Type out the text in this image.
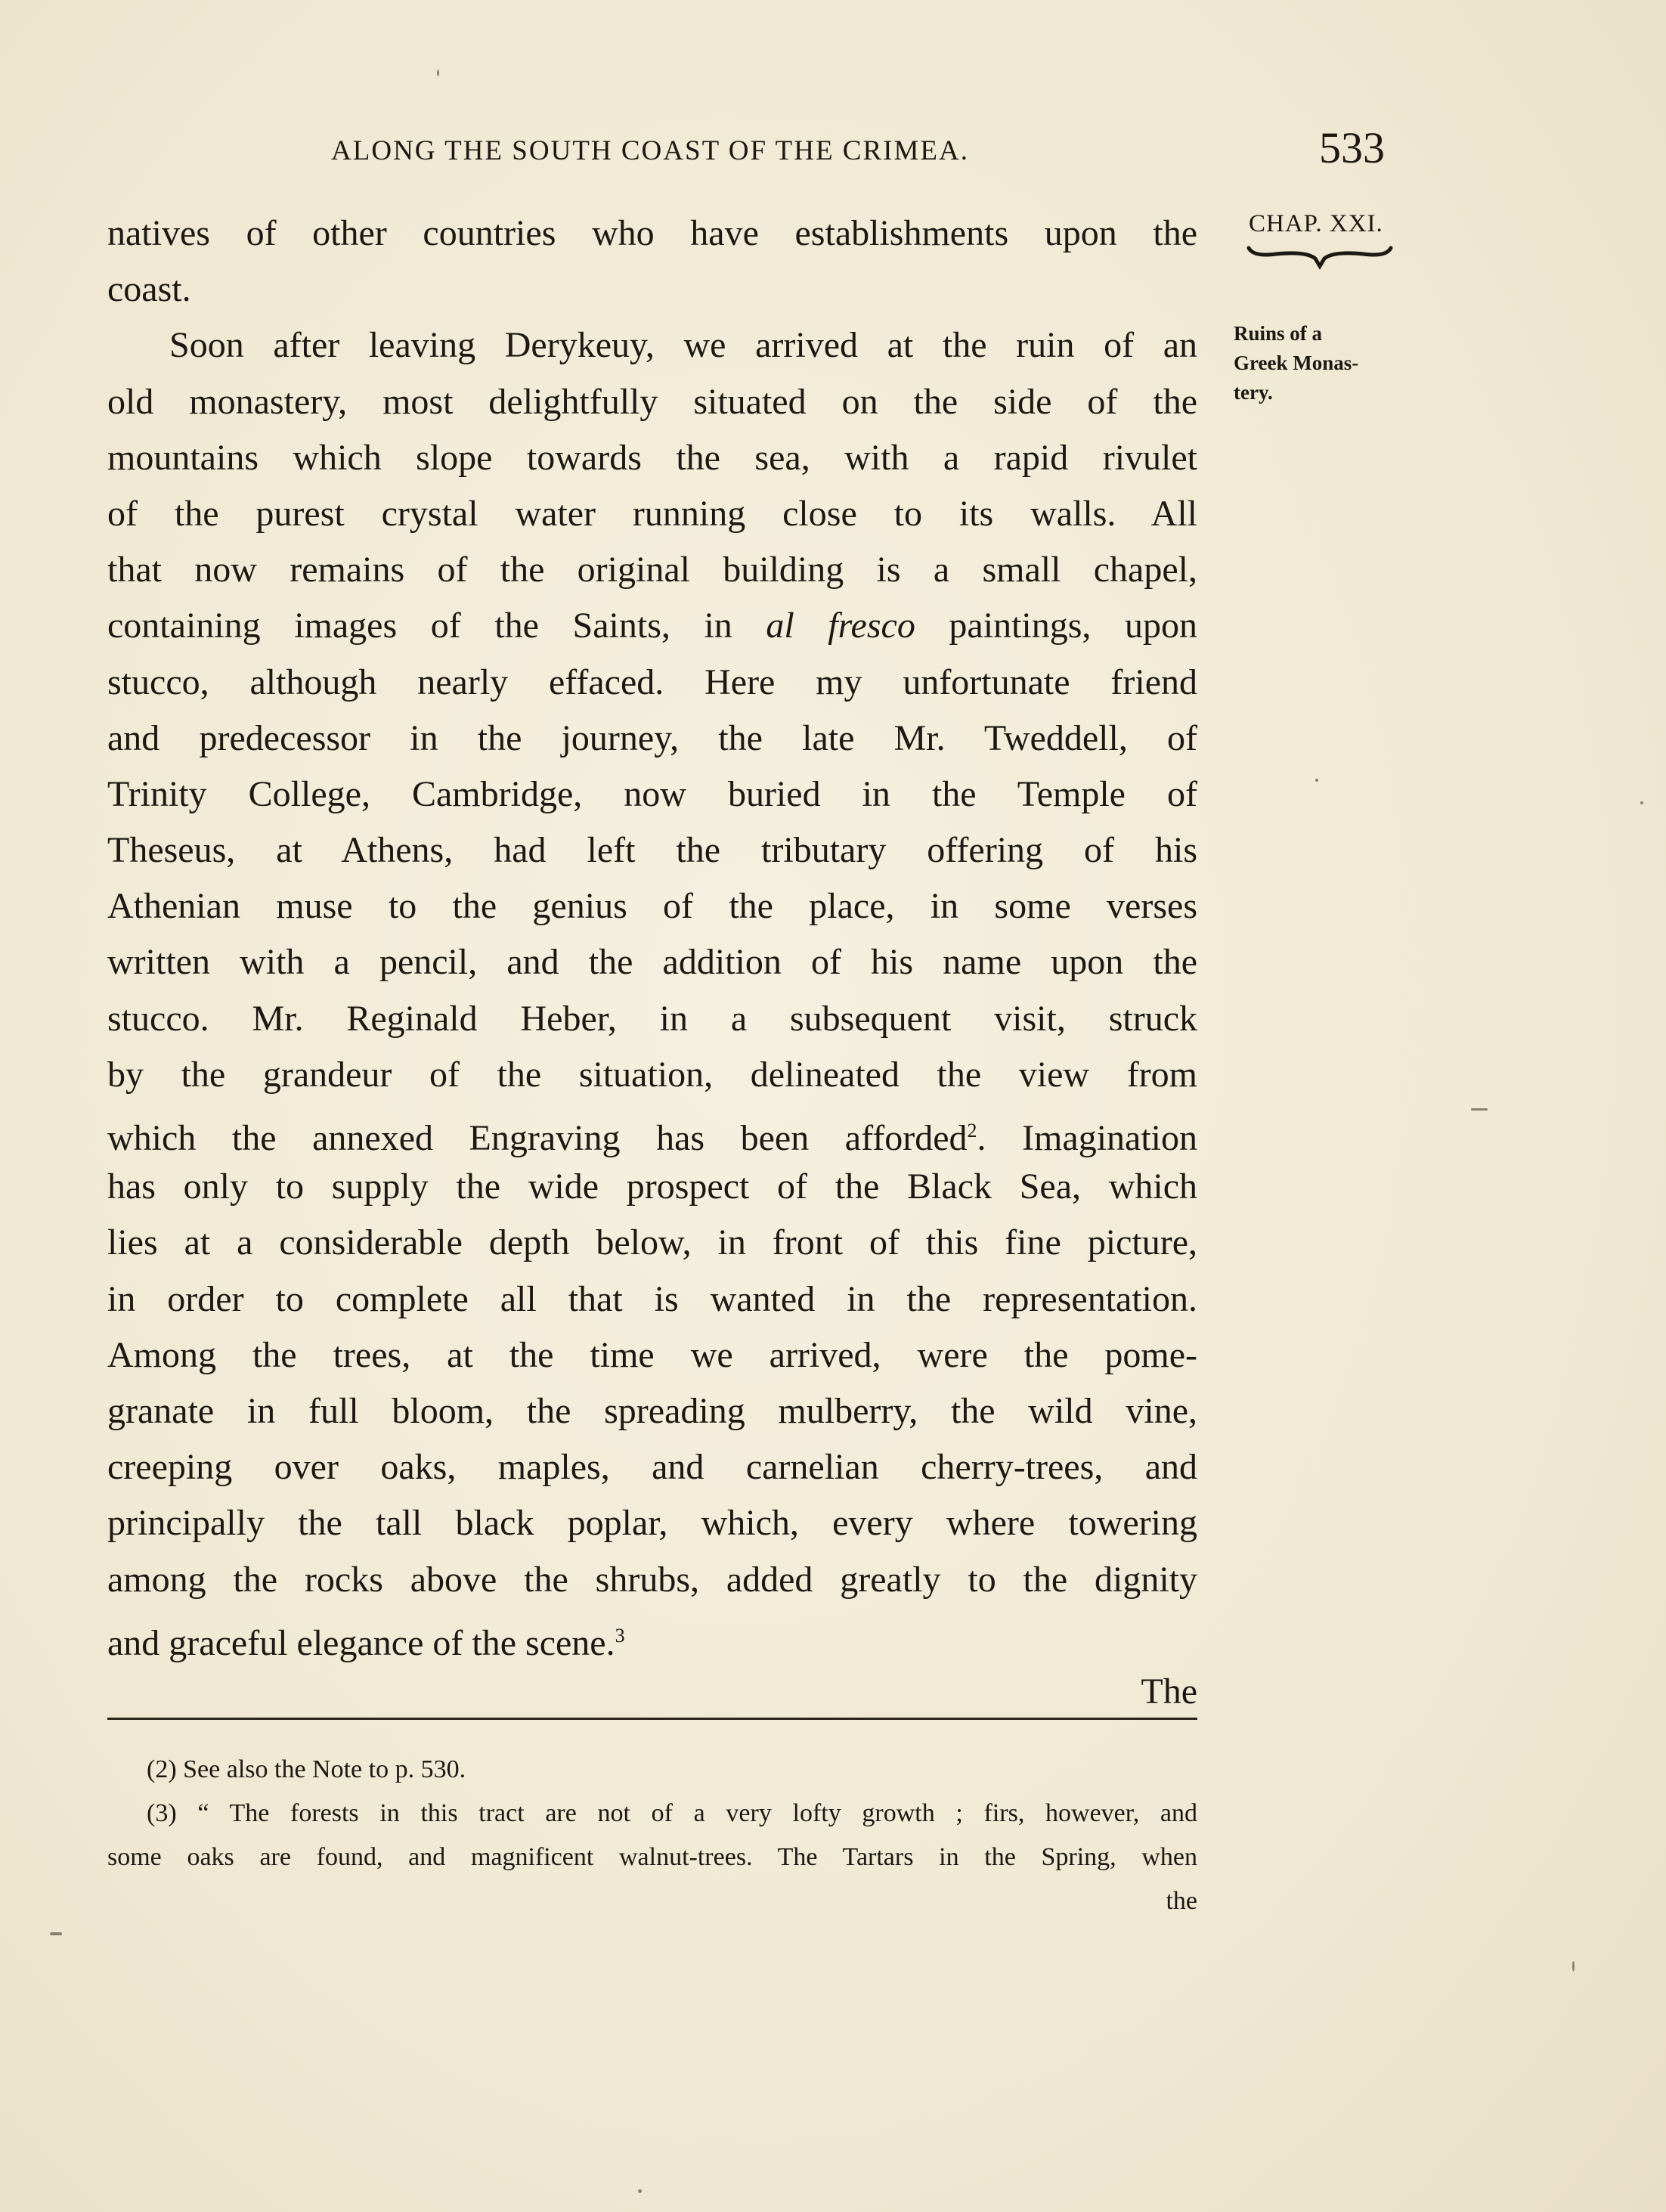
ALONG THE SOUTH COAST OF THE CRIMEA.	533
CHAP. XXI.
Ruins of a
Greek Monas-
tery.
natives of other countries who have establishments upon the
coast.
Soon after leaving Derykeuy, we arrived at the ruin of an
old monastery, most delightfully situated on the side of the
mountains which slope towards the sea, with a rapid rivulet
of the purest crystal water running close to its walls. All
that now remains of the original building is a small chapel,
containing images of the Saints, in al fresco paintings, upon
stucco, although nearly effaced. Here my unfortunate friend
and predecessor in the journey, the late Mr. Tweddell, of
Trinity College, Cambridge, now buried in the Temple of
Theseus, at Athens, had left the tributary offering of his
Athenian muse to the genius of the place, in some verses
written with a pencil, and the addition of his name upon the
stucco. Mr. Reginald Heber, in a subsequent visit, struck
by the grandeur of the situation, delineated the view from
which the annexed Engraving has been afforded$^2$. Imagination
has only to supply the wide prospect of the Black Sea, which
lies at a considerable depth below, in front of this fine picture,
in order to complete all that is wanted in the representation.
Among the trees, at the time we arrived, were the pome-
granate in full bloom, the spreading mulberry, the wild vine,
creeping over oaks, maples, and carnelian cherry-trees, and
principally the tall black poplar, which, every where towering
among the rocks above the shrubs, added greatly to the dignity
and graceful elegance of the scene.$^3$
The
(2) See also the Note to p. 530.
(3) “ The forests in this tract are not of a very lofty growth ; firs, however, and
some oaks are found, and magnificent walnut-trees. The Tartars in the Spring, when
the
